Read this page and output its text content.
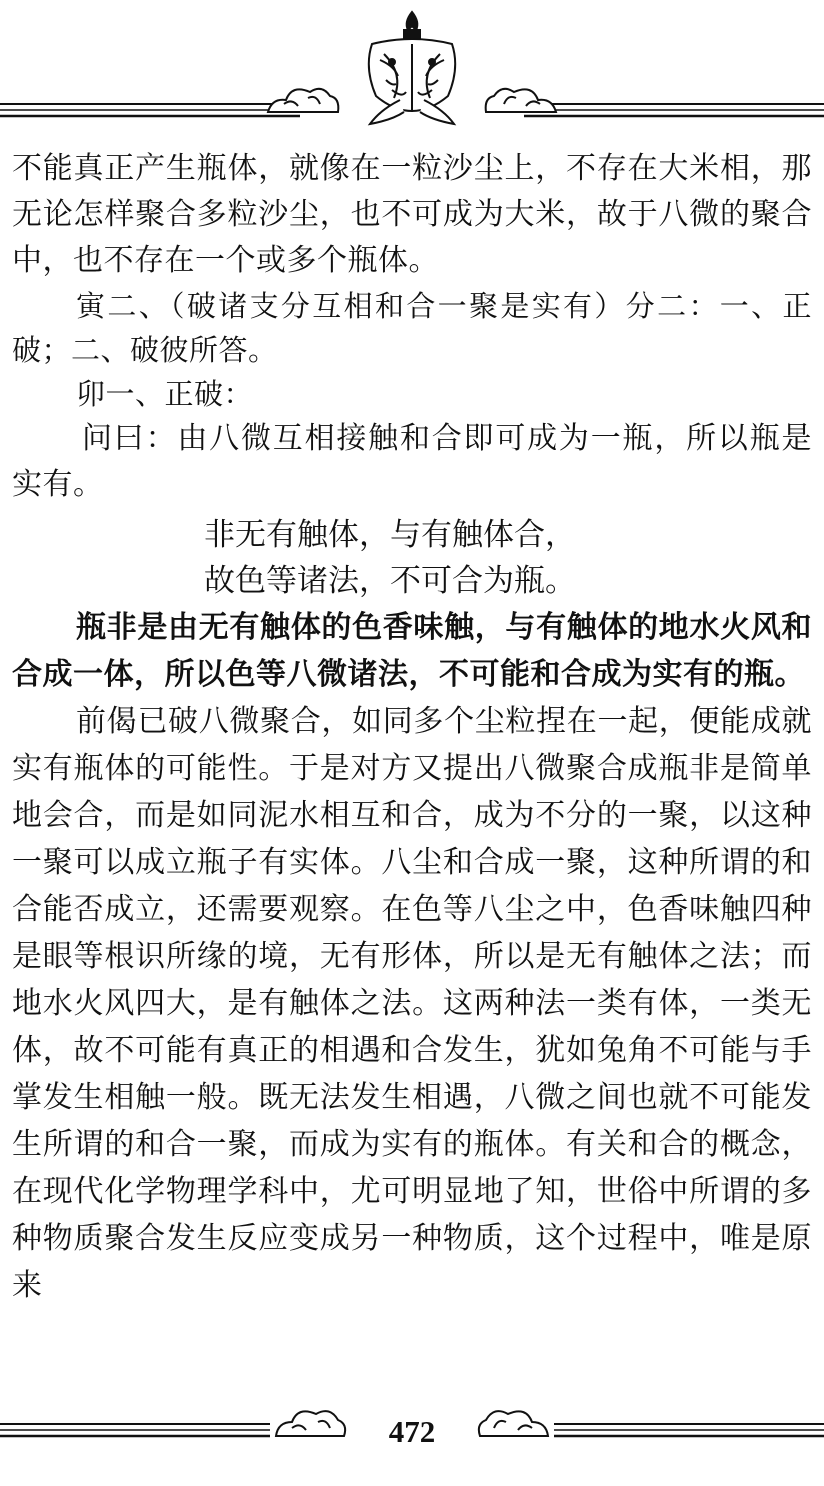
不能真正产生瓶体，就像在一粒沙尘上，不存在大米相，那无论怎样聚合多粒沙尘，也不可成为大米，故于八微的聚合中，也不存在一个或多个瓶体。

寅二、（破诸支分互相和合一聚是实有）分二：一、正破；二、破彼所答。

卯一、正破：

问曰：由八微互相接触和合即可成为一瓶，所以瓶是实有。

非无有触体，与有触体合，

故色等诸法，不可合为瓶。

瓶非是由无有触体的色香味触，与有触体的地水火风和合成一体，所以色等八微诸法，不可能和合成为实有的瓶。

前偈已破八微聚合，如同多个尘粒捏在一起，便能成就实有瓶体的可能性。于是对方又提出八微聚合成瓶非是简单地会合，而是如同泥水相互和合，成为不分的一聚，以这种一聚可以成立瓶子有实体。八尘和合成一聚，这种所谓的和合能否成立，还需要观察。在色等八尘之中，色香味触四种是眼等根识所缘的境，无有形体，所以是无有触体之法；而地水火风四大，是有触体之法。这两种法一类有体，一类无体，故不可能有真正的相遇和合发生，犹如兔角不可能与手掌发生相触一般。既无法发生相遇，八微之间也就不可能发生所谓的和合一聚，而成为实有的瓶体。有关和合的概念，在现代化学物理学科中，尤可明显地了知，世俗中所谓的多种物质聚合发生反应变成另一种物质，这个过程中，唯是原来

472
